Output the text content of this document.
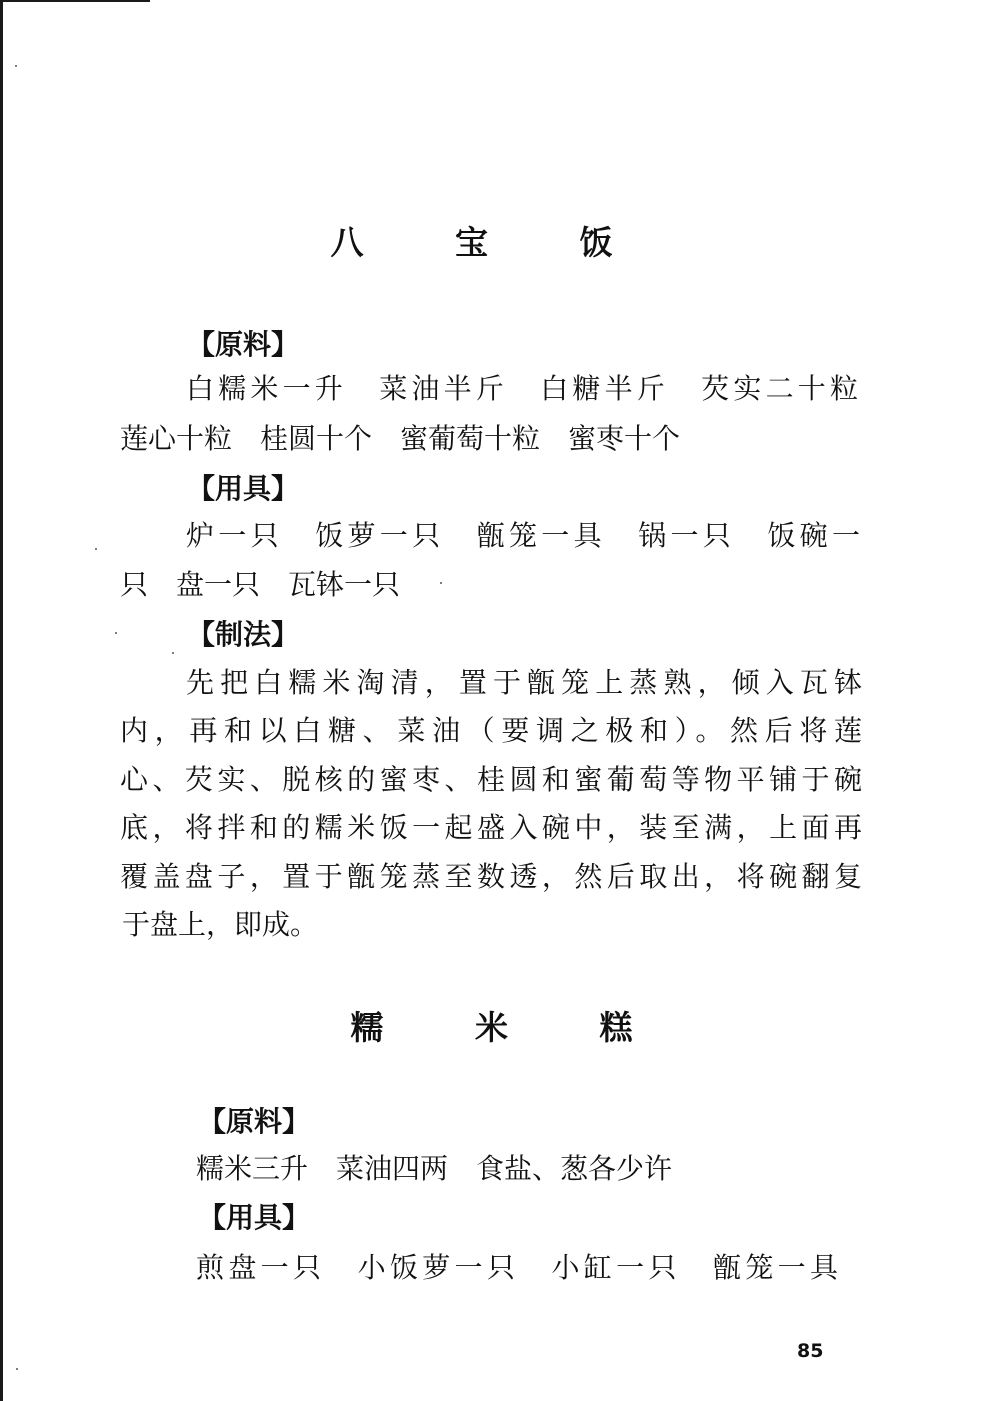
八 宝 饭
【原料】
白糯米一升　菜油半斤　白糖半斤　芡实二十粒
莲心十粒　桂圆十个　蜜葡萄十粒　蜜枣十个
【用具】
炉一只　饭萝一只　甑笼一具　锅一只　饭碗一
只　盘一只　瓦钵一只
【制法】
先把白糯米淘清，置于甑笼上蒸熟，倾入瓦钵
内，再和以白糖、菜油（要调之极和）。然后将莲
心、芡实、脱核的蜜枣、桂圆和蜜葡萄等物平铺于碗
底，将拌和的糯米饭一起盛入碗中，装至满，上面再
覆盖盘子，置于甑笼蒸至数透，然后取出，将碗翻复
于盘上，即成。
糯 米 糕
【原料】
糯米三升　菜油四两　食盐、葱各少许
【用具】
煎盘一只　小饭萝一只　小缸一只　甑笼一具
85
